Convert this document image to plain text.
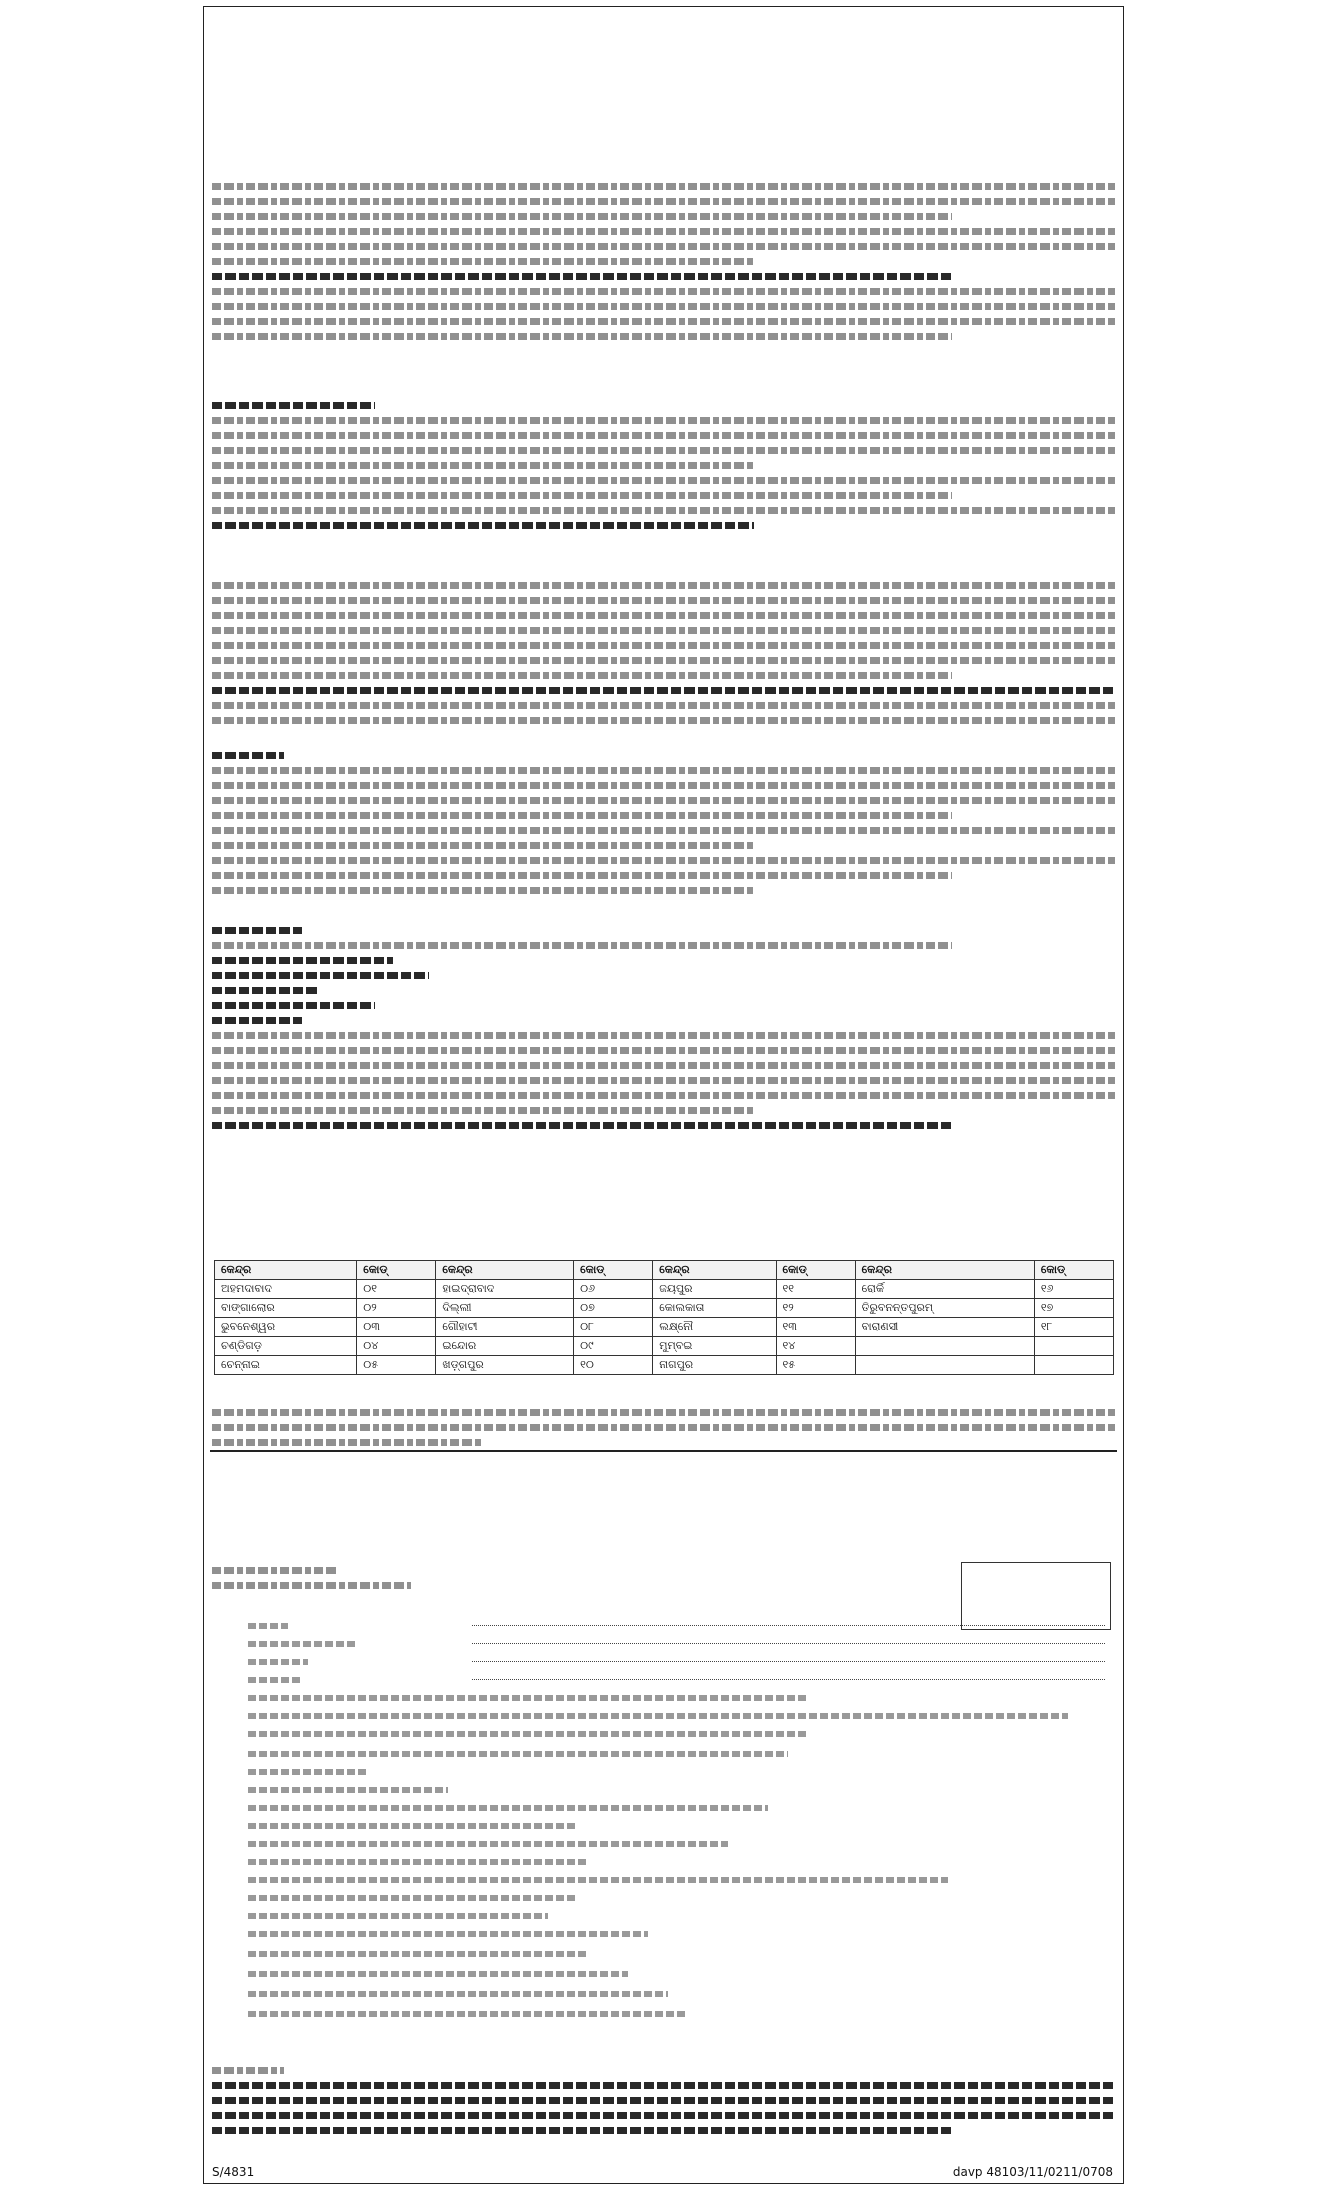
କେନ୍ଦ୍ର	କୋଡ୍	କେନ୍ଦ୍ର	କୋଡ୍	କେନ୍ଦ୍ର	କୋଡ୍	କେନ୍ଦ୍ର	କୋଡ୍
ଅହମଦାବାଦ	୦୧	ହାଇଦ୍ରାବାଦ	୦୬	ଜୟପୁର	୧୧	ରୋର୍କି	୧୬
ବାଙ୍ଗାଲୋର	୦୨	ଦିଲ୍ଲୀ	୦୭	କୋଲକାତା	୧୨	ତିରୁବନନ୍ତପୁରମ୍	୧୭
ଭୁବନେଶ୍ୱର	୦୩	ଗୌହାଟୀ	୦୮	ଲକ୍ଷ୍ନୌ	୧୩	ବାରାଣସୀ	୧୮
ଚଣ୍ଡିଗଡ଼	୦୪	ଇନ୍ଦୋର	୦୯	ମୁମ୍ବଇ	୧୪		
ଚେନ୍ନାଇ	୦୫	ଖଡ଼୍ଗପୁର	୧୦	ନାଗପୁର	୧୫		
S/4831	davp 48103/11/0211/0708
